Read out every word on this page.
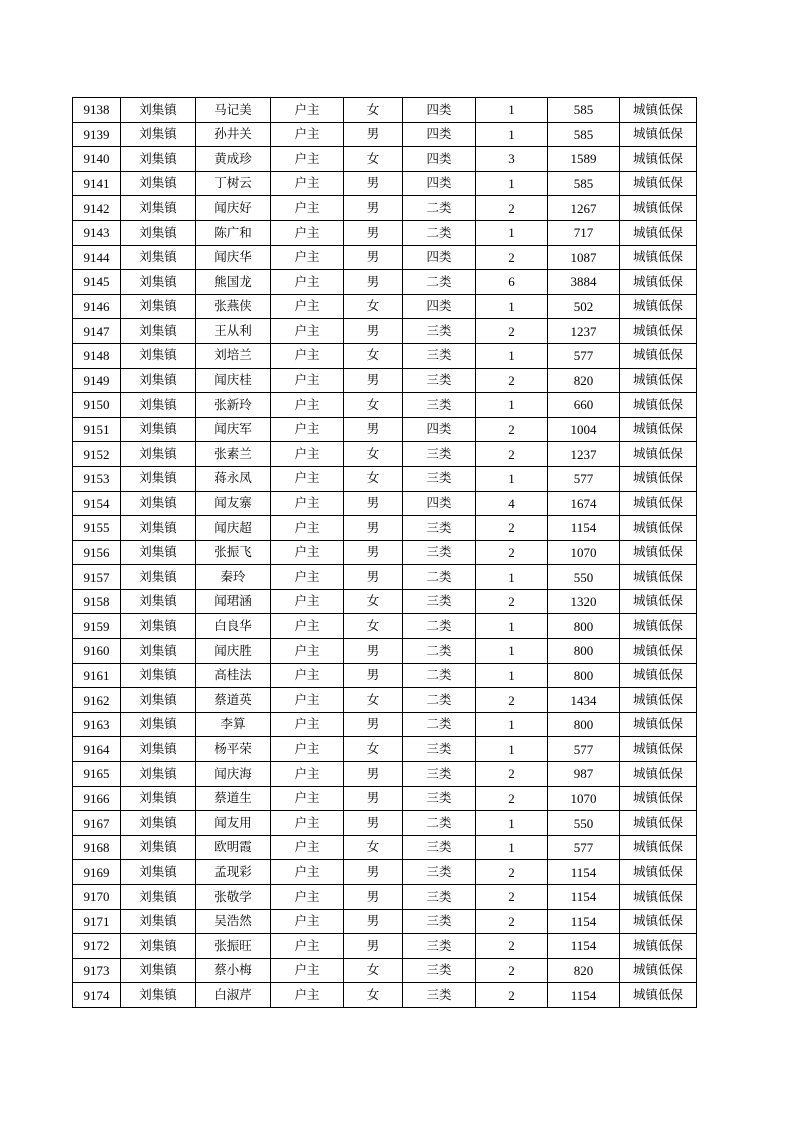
9138	刘集镇	马记美	户主	女	四类	1	585	城镇低保
9139	刘集镇	孙井关	户主	男	四类	1	585	城镇低保
9140	刘集镇	黄成珍	户主	女	四类	3	1589	城镇低保
9141	刘集镇	丁树云	户主	男	四类	1	585	城镇低保
9142	刘集镇	闻庆好	户主	男	二类	2	1267	城镇低保
9143	刘集镇	陈广和	户主	男	二类	1	717	城镇低保
9144	刘集镇	闻庆华	户主	男	四类	2	1087	城镇低保
9145	刘集镇	熊国龙	户主	男	二类	6	3884	城镇低保
9146	刘集镇	张燕侠	户主	女	四类	1	502	城镇低保
9147	刘集镇	王从利	户主	男	三类	2	1237	城镇低保
9148	刘集镇	刘培兰	户主	女	三类	1	577	城镇低保
9149	刘集镇	闻庆桂	户主	男	三类	2	820	城镇低保
9150	刘集镇	张新玲	户主	女	三类	1	660	城镇低保
9151	刘集镇	闻庆军	户主	男	四类	2	1004	城镇低保
9152	刘集镇	张素兰	户主	女	三类	2	1237	城镇低保
9153	刘集镇	蒋永凤	户主	女	三类	1	577	城镇低保
9154	刘集镇	闻友寨	户主	男	四类	4	1674	城镇低保
9155	刘集镇	闻庆超	户主	男	三类	2	1154	城镇低保
9156	刘集镇	张振飞	户主	男	三类	2	1070	城镇低保
9157	刘集镇	秦玲	户主	男	二类	1	550	城镇低保
9158	刘集镇	闻珺涵	户主	女	三类	2	1320	城镇低保
9159	刘集镇	白良华	户主	女	二类	1	800	城镇低保
9160	刘集镇	闻庆胜	户主	男	二类	1	800	城镇低保
9161	刘集镇	高桂法	户主	男	二类	1	800	城镇低保
9162	刘集镇	蔡道英	户主	女	二类	2	1434	城镇低保
9163	刘集镇	李算	户主	男	二类	1	800	城镇低保
9164	刘集镇	杨平荣	户主	女	三类	1	577	城镇低保
9165	刘集镇	闻庆海	户主	男	三类	2	987	城镇低保
9166	刘集镇	蔡道生	户主	男	三类	2	1070	城镇低保
9167	刘集镇	闻友用	户主	男	二类	1	550	城镇低保
9168	刘集镇	欧明霞	户主	女	三类	1	577	城镇低保
9169	刘集镇	孟现彩	户主	男	三类	2	1154	城镇低保
9170	刘集镇	张敬学	户主	男	三类	2	1154	城镇低保
9171	刘集镇	吴浩然	户主	男	三类	2	1154	城镇低保
9172	刘集镇	张振旺	户主	男	三类	2	1154	城镇低保
9173	刘集镇	蔡小梅	户主	女	三类	2	820	城镇低保
9174	刘集镇	白淑芹	户主	女	三类	2	1154	城镇低保
